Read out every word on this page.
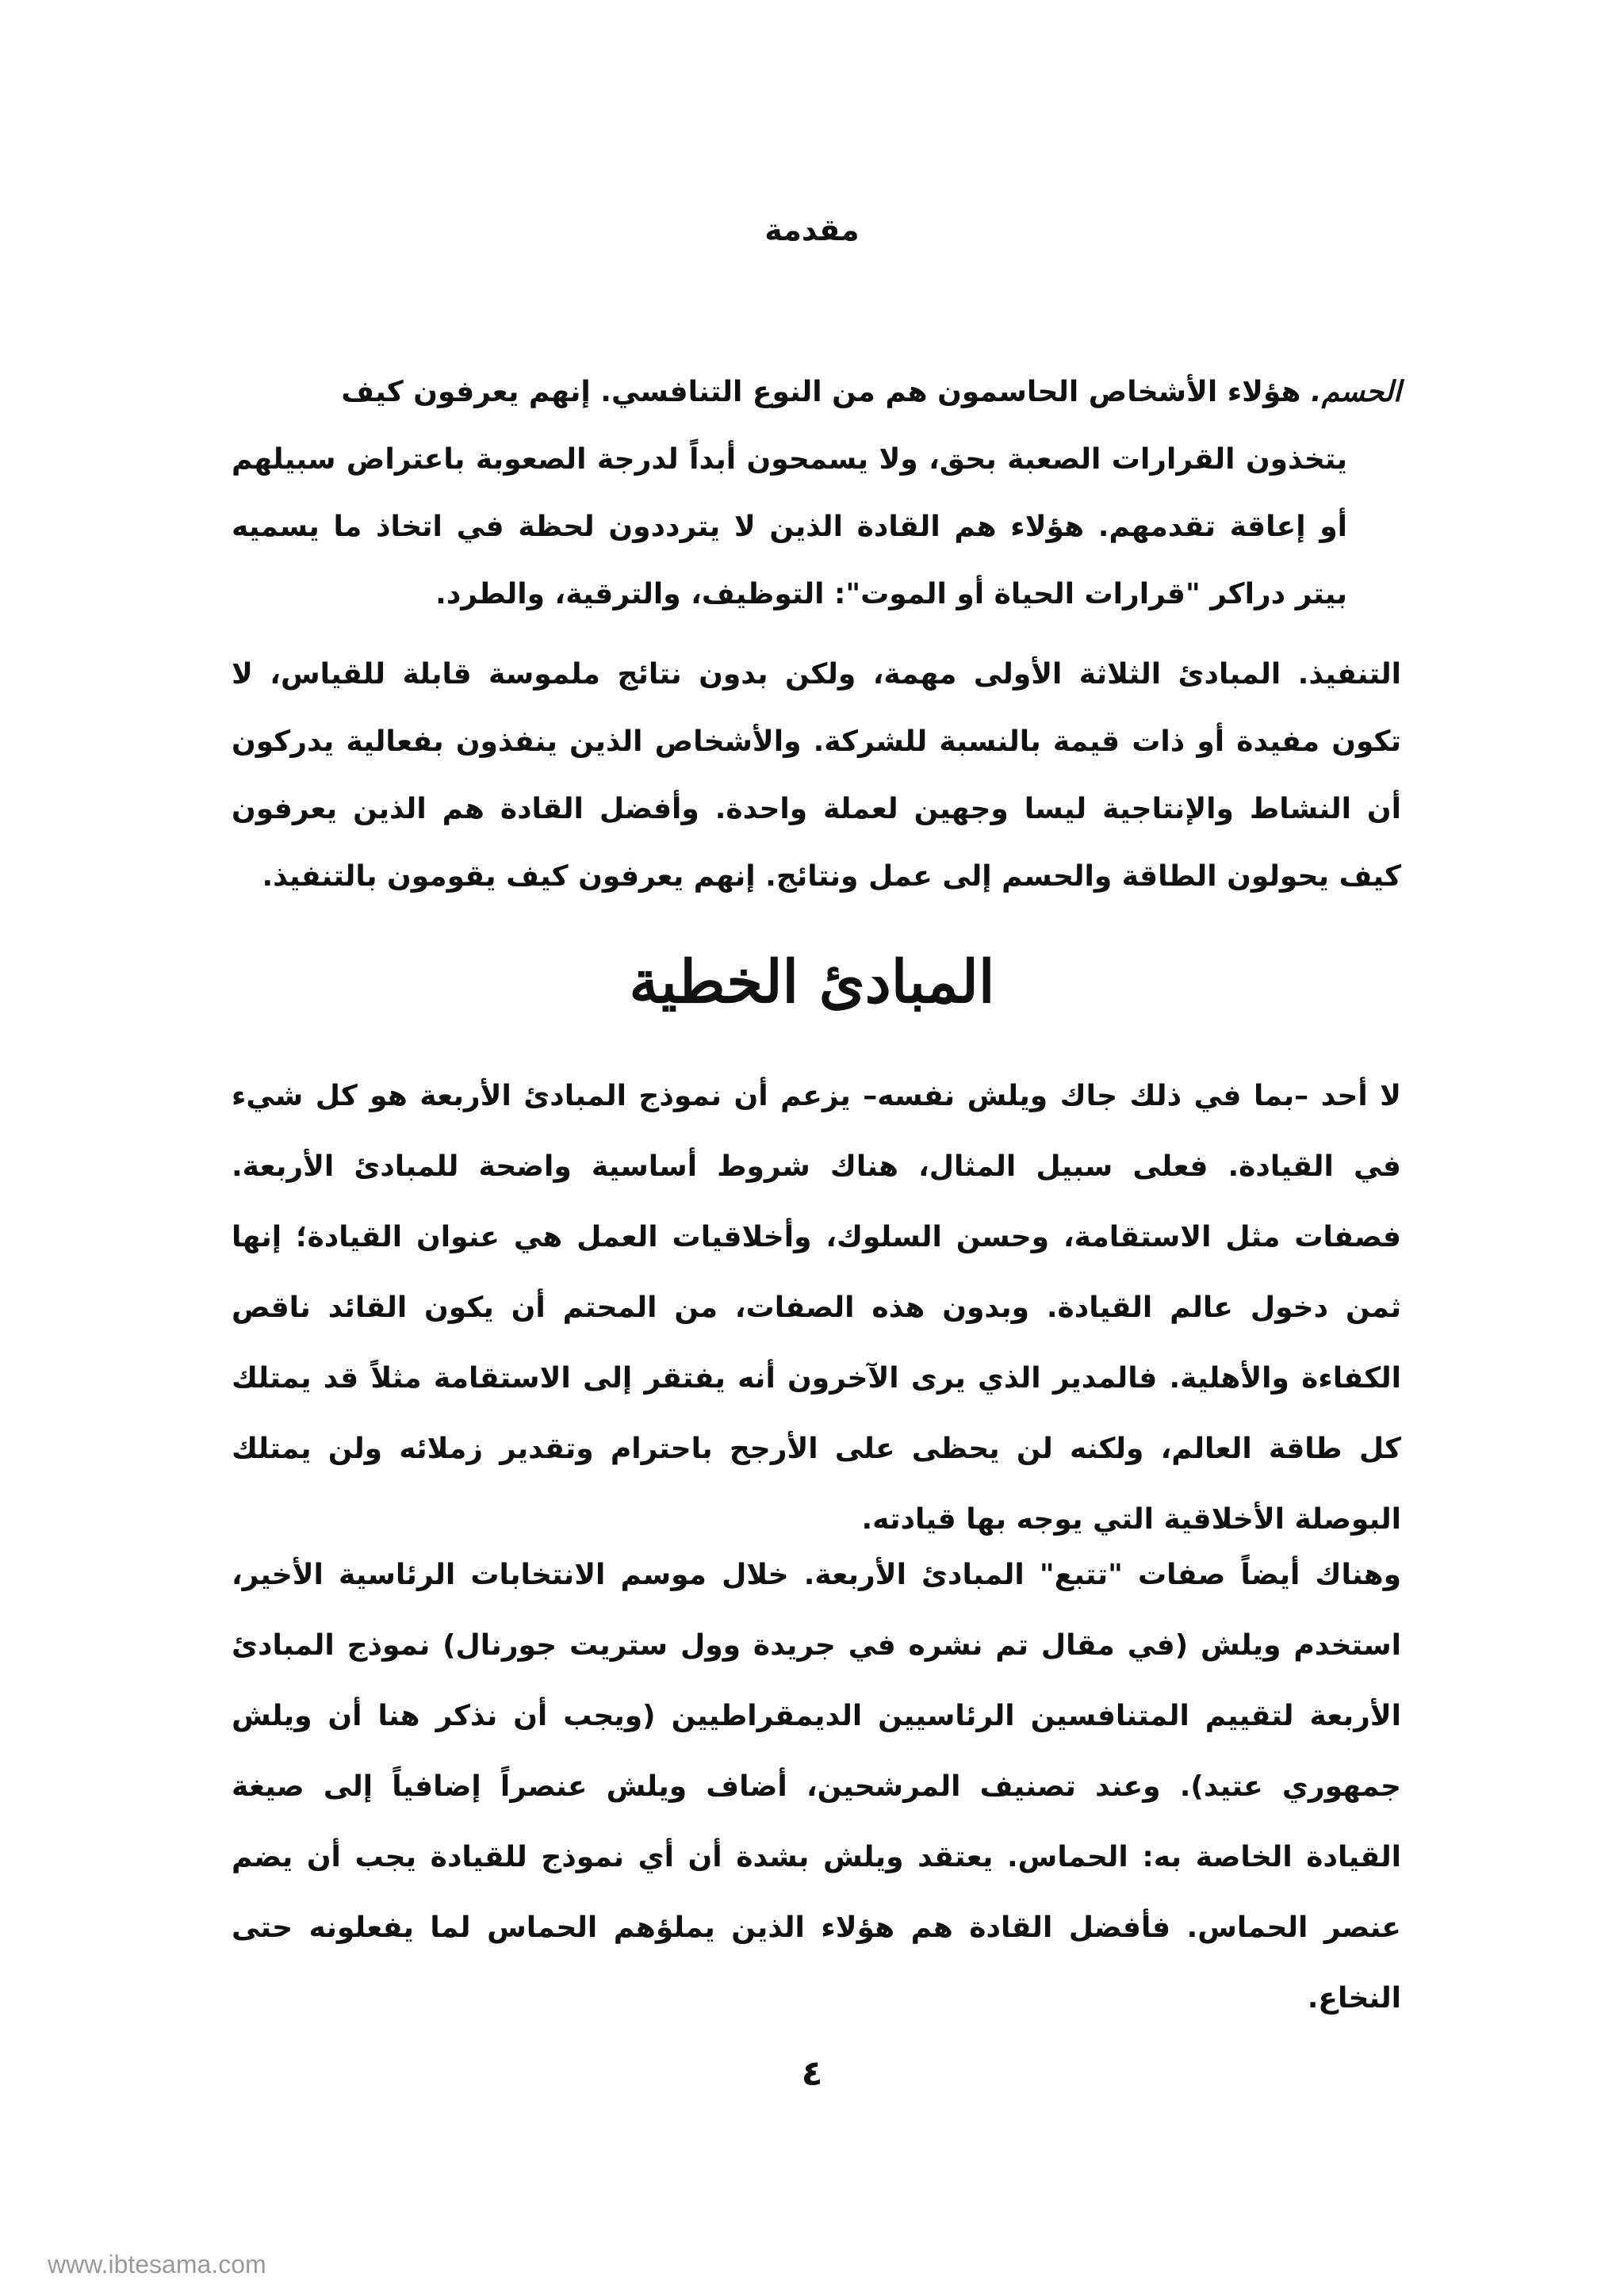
مقدمة

الحسم. هؤلاء الأشخاص الحاسمون هم من النوع التنافسي. إنهم يعرفون كيف

يتخذون القرارات الصعبة بحق، ولا يسمحون أبداً لدرجة الصعوبة باعتراض سبيلهم أو إعاقة تقدمهم. هؤلاء هم القادة الذين لا يترددون لحظة في اتخاذ ما يسميه بيتر دراكر "قرارات الحياة أو الموت": التوظيف، والترقية، والطرد.

التنفيذ. المبادئ الثلاثة الأولى مهمة، ولكن بدون نتائج ملموسة قابلة للقياس، لا تكون مفيدة أو ذات قيمة بالنسبة للشركة. والأشخاص الذين ينفذون بفعالية يدركون أن النشاط والإنتاجية ليسا وجهين لعملة واحدة. وأفضل القادة هم الذين يعرفون كيف يحولون الطاقة والحسم إلى عمل ونتائج. إنهم يعرفون كيف يقومون بالتنفيذ.
المبادئ الخطية
لا أحد –بما في ذلك جاك ويلش نفسه– يزعم أن نموذج المبادئ الأربعة هو كل شيء في القيادة. فعلى سبيل المثال، هناك شروط أساسية واضحة للمبادئ الأربعة. فصفات مثل الاستقامة، وحسن السلوك، وأخلاقيات العمل هي عنوان القيادة؛ إنها ثمن دخول عالم القيادة. وبدون هذه الصفات، من المحتم أن يكون القائد ناقص الكفاءة والأهلية. فالمدير الذي يرى الآخرون أنه يفتقر إلى الاستقامة مثلاً قد يمتلك كل طاقة العالم، ولكنه لن يحظى على الأرجح باحترام وتقدير زملائه ولن يمتلك البوصلة الأخلاقية التي يوجه بها قيادته.
وهناك أيضاً صفات "تتبع" المبادئ الأربعة. خلال موسم الانتخابات الرئاسية الأخير، استخدم ويلش (في مقال تم نشره في جريدة وول ستريت جورنال) نموذج المبادئ الأربعة لتقييم المتنافسين الرئاسيين الديمقراطيين (ويجب أن نذكر هنا أن ويلش جمهوري عتيد). وعند تصنيف المرشحين، أضاف ويلش عنصراً إضافياً إلى صيغة القيادة الخاصة به: الحماس. يعتقد ويلش بشدة أن أي نموذج للقيادة يجب أن يضم عنصر الحماس. فأفضل القادة هم هؤلاء الذين يملؤهم الحماس لما يفعلونه حتى النخاع.
٤
www.ibtesama.com
